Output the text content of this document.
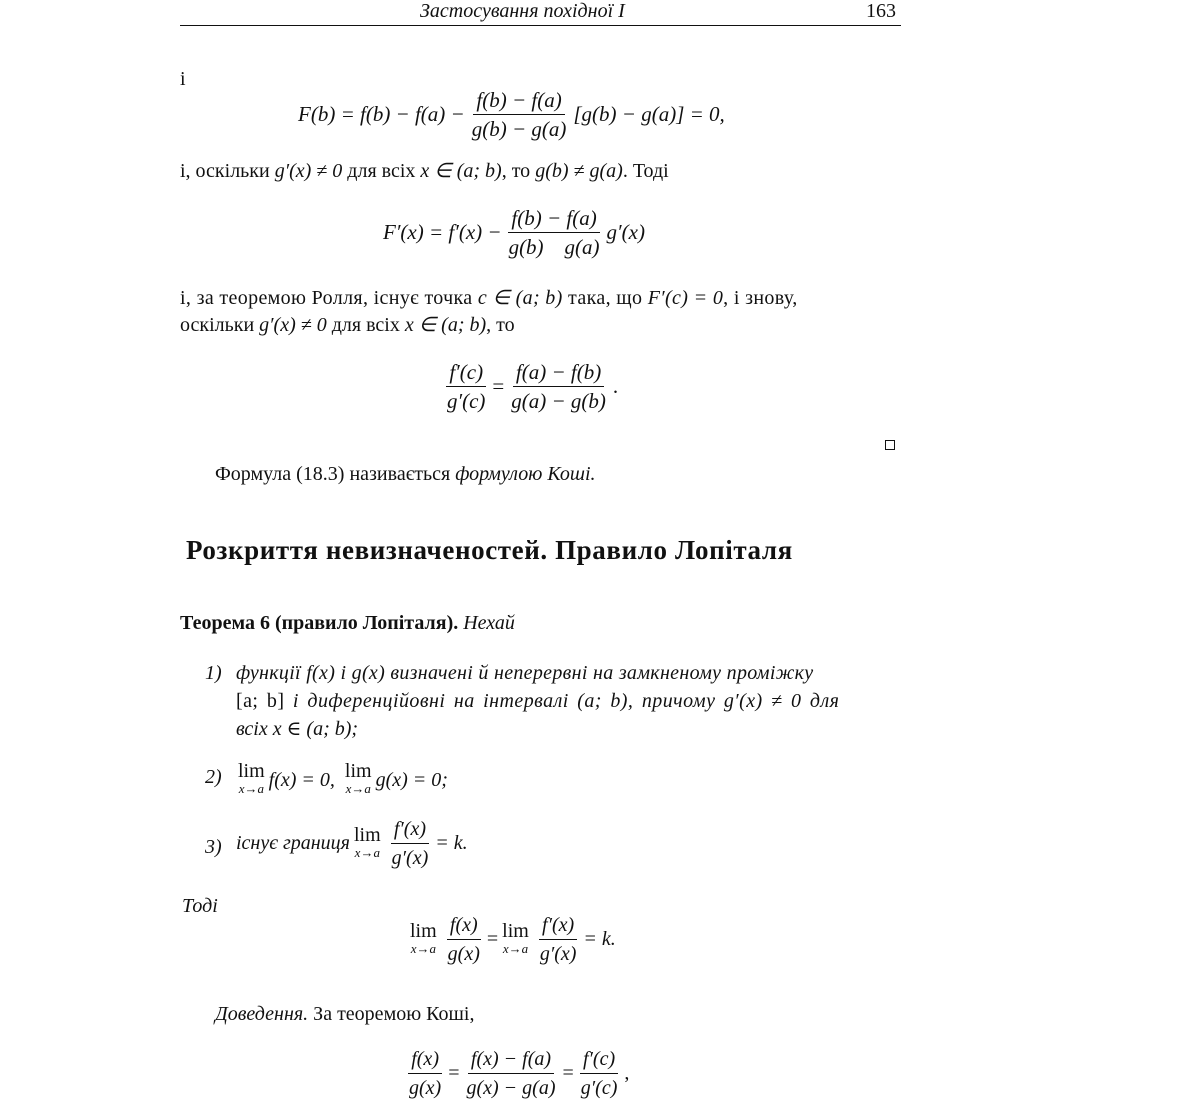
Застосування похідної I	163
і
$F(b) = f(b) - f(a) - \frac{f(b) - f(a)}{g(b) - g(a)} [g(b) - g(a)] = 0$,
і, оскільки g′(x) ≠ 0 для всіх x ∈ (a; b), то g(b) ≠ g(a). Тоді
$F'(x) = f'(x) - \frac{f(b) - f(a)}{g(b) g(a)} g'(x)$
і, за теоремою Ролля, існує точка c ∈ (a; b) така, що F′(c) = 0, і знову,
оскільки g′(x) ≠ 0 для всіх x ∈ (a; b), то
$\frac{f'(c)}{g'(c)} = \frac{f(a) - f(b)}{g(a) - g(b)}$ .
Формула (18.3) називається формулою Коші.
Розкриття невизначеностей. Правило Лопіталя
Теорема 6 (правило Лопіталя). Нехай
1) функції f(x) і g(x) визначені й неперервні на замкненому проміжку
[a; b] і диференційовні на інтервалі (a; b), причому g′(x) ≠ 0 для
всіх x ∈ (a; b);
2) lim
x→a f(x) = 0, lim
x→a g(x) = 0 ;
3) існує границя lim
$x\to a \frac{f'(x)}{g'(x)} = k$.
Тоді
lim
$x\to a \frac{f(x)}{g(x)} = \lim$
$x\to a \frac{f'(x)}{g'(x)} = k$.
Доведення. За теоремою Коші,
$\frac{f(x)}{g(x)} = \frac{f(x) - f(a)}{g(x) - g(a)} = \frac{f'(c)}{g'(c)}$ ,
